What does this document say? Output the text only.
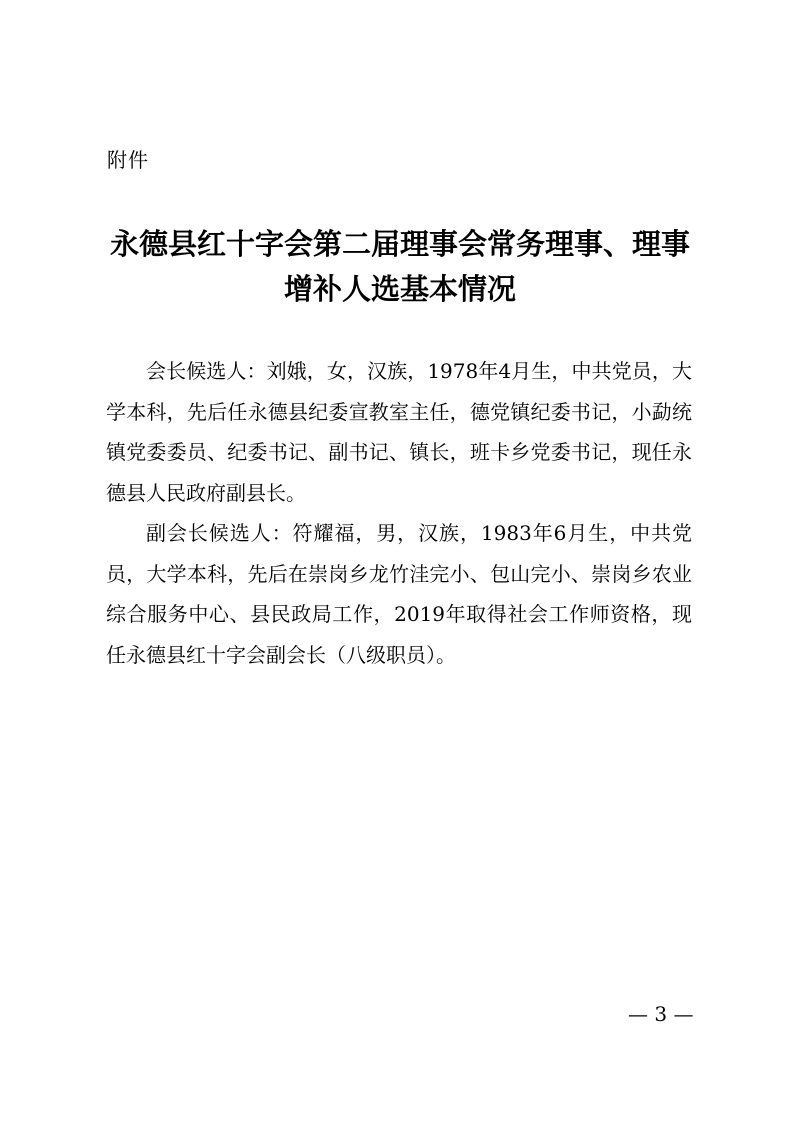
附件
永德县红十字会第二届理事会常务理事、理事
增补人选基本情况

会长候选人：刘娥，女，汉族，1978年4月生，中共党员，大学本科，先后任永德县纪委宣教室主任，德党镇纪委书记，小勐统镇党委委员、纪委书记、副书记、镇长，班卡乡党委书记，现任永德县人民政府副县长。

副会长候选人：符耀福，男，汉族，1983年6月生，中共党员，大学本科，先后在崇岗乡龙竹洼完小、包山完小、崇岗乡农业综合服务中心、县民政局工作，2019年取得社会工作师资格，现任永德县红十字会副会长（八级职员）。

— 3 —
